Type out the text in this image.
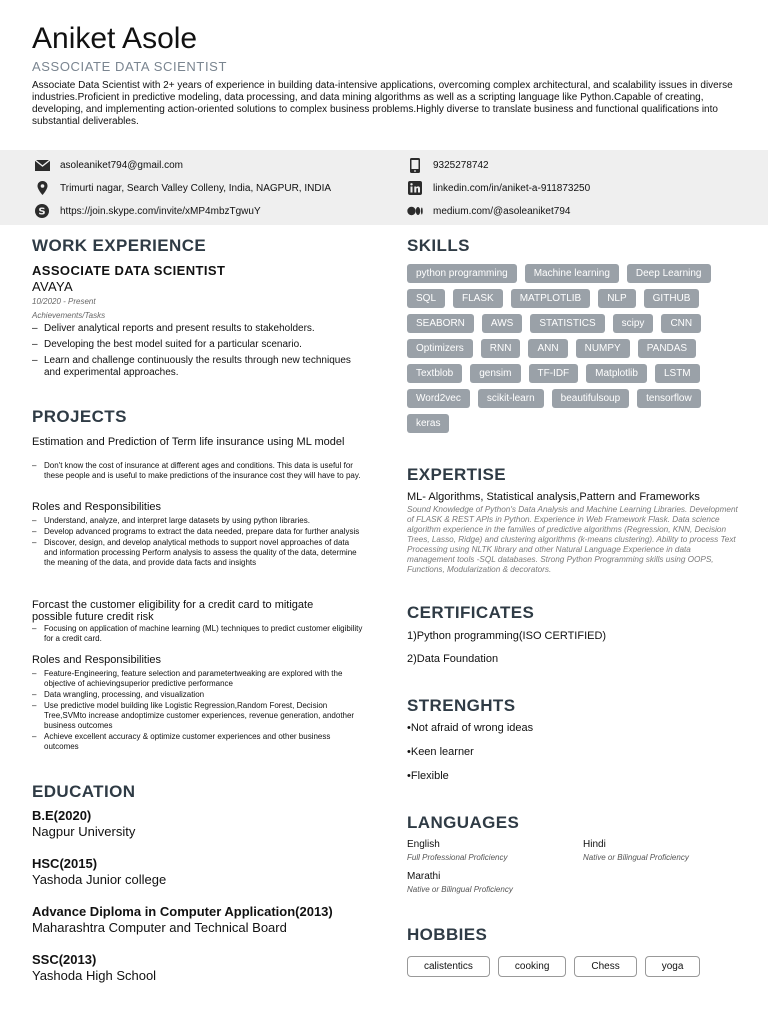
Aniket Asole
ASSOCIATE DATA SCIENTIST
Associate Data Scientist with 2+ years of experience in building data-intensive applications, overcoming complex architectural, and scalability issues in diverse industries.Proficient in predictive modeling, data processing, and data mining algorithms as well as a scripting language like Python.Capable of creating, developing, and implementing action-oriented solutions to complex business problems.Highly diverse to translate business and functional qualifications into substantial deliverables.
asoleaniket794@gmail.com
Trimurti nagar, Search Valley Colleny, India, NAGPUR, INDIA
S https://join.skype.com/invite/xMP4mbzTgwuY
9325278742
linkedin.com/in/aniket-a-911873250
medium.com/@asoleaniket794
WORK EXPERIENCE
ASSOCIATE DATA SCIENTIST
AVAYA
10/2020 - Present
Achievements/Tasks
– Deliver analytical reports and present results to stakeholders.
– Developing the best model suited for a particular scenario.
– Learn and challenge continuously the results through new techniques and experimental approaches.
PROJECTS
Estimation and Prediction of Term life insurance using ML model
– Don't know the cost of insurance at different ages and conditions. This data is useful for these people and is useful to make predictions of the insurance cost they will have to pay.
Roles and Responsibilities
– Understand, analyze, and interpret large datasets by using python libraries.
– Develop advanced programs to extract the data needed, prepare data for further analysis
– Discover, design, and develop analytical methods to support novel approaches of data and information processing Perform analysis to assess the quality of the data, determine the meaning of the data, and provide data facts and insights
Forcast the customer eligibility for a credit card to mitigate possible future credit risk
– Focusing on application of machine learning (ML) techniques to predict customer eligibility for a credit card.
Roles and Responsibilities
– Feature-Engineering, feature selection and parametertweaking are explored with the objective of achievingsuperior predictive performance
– Data wrangling, processing, and visualization
– Use predictive model building like Logistic Regression,Random Forest, Decision Tree,SVMto increase andoptimize customer experiences, revenue generation, andother business outcomes
– Achieve excellent accuracy & optimize customer experiences and other business outcomes
EDUCATION
B.E(2020)
Nagpur University
HSC(2015)
Yashoda Junior college
Advance Diploma in Computer Application(2013)
Maharashtra Computer and Technical Board
SSC(2013)
Yashoda High School
SKILLS
python programming	Machine learning	Deep Learning
SQL	FLASK	MATPLOTLIB	NLP	GITHUB
SEABORN	AWS	STATISTICS	scipy	CNN
Optimizers	RNN	ANN	NUMPY	PANDAS
Textblob	gensim	TF-IDF	Matplotlib	LSTM
Word2vec	scikit-learn	beautifulsoup	tensorflow
keras
EXPERTISE
ML- Algorithms, Statistical analysis,Pattern and Frameworks
Sound Knowledge of Python's Data Analysis and Machine Learning Libraries. Development of FLASK & REST APIs in Python. Experience in Web Framework Flask. Data science algorithm experience in the families of predictive algorithms (Regression, KNN, Decision Trees, Lasso, Ridge) and clustering algorithms (k-means clustering). Ability to process Text Processing using NLTK library and other Natural Language Experience in data management tools -SQL databases. Strong Python Programming skills using OOPS, Functions, Modularization & decorators.
CERTIFICATES
1)Python programming(ISO CERTIFIED)
2)Data Foundation
STRENGHTS
•Not afraid of wrong ideas
•Keen learner
•Flexible
LANGUAGES
English
Full Professional Proficiency
Hindi
Native or Bilingual Proficiency
Marathi
Native or Bilingual Proficiency
HOBBIES
calistentics	cooking	Chess	yoga
